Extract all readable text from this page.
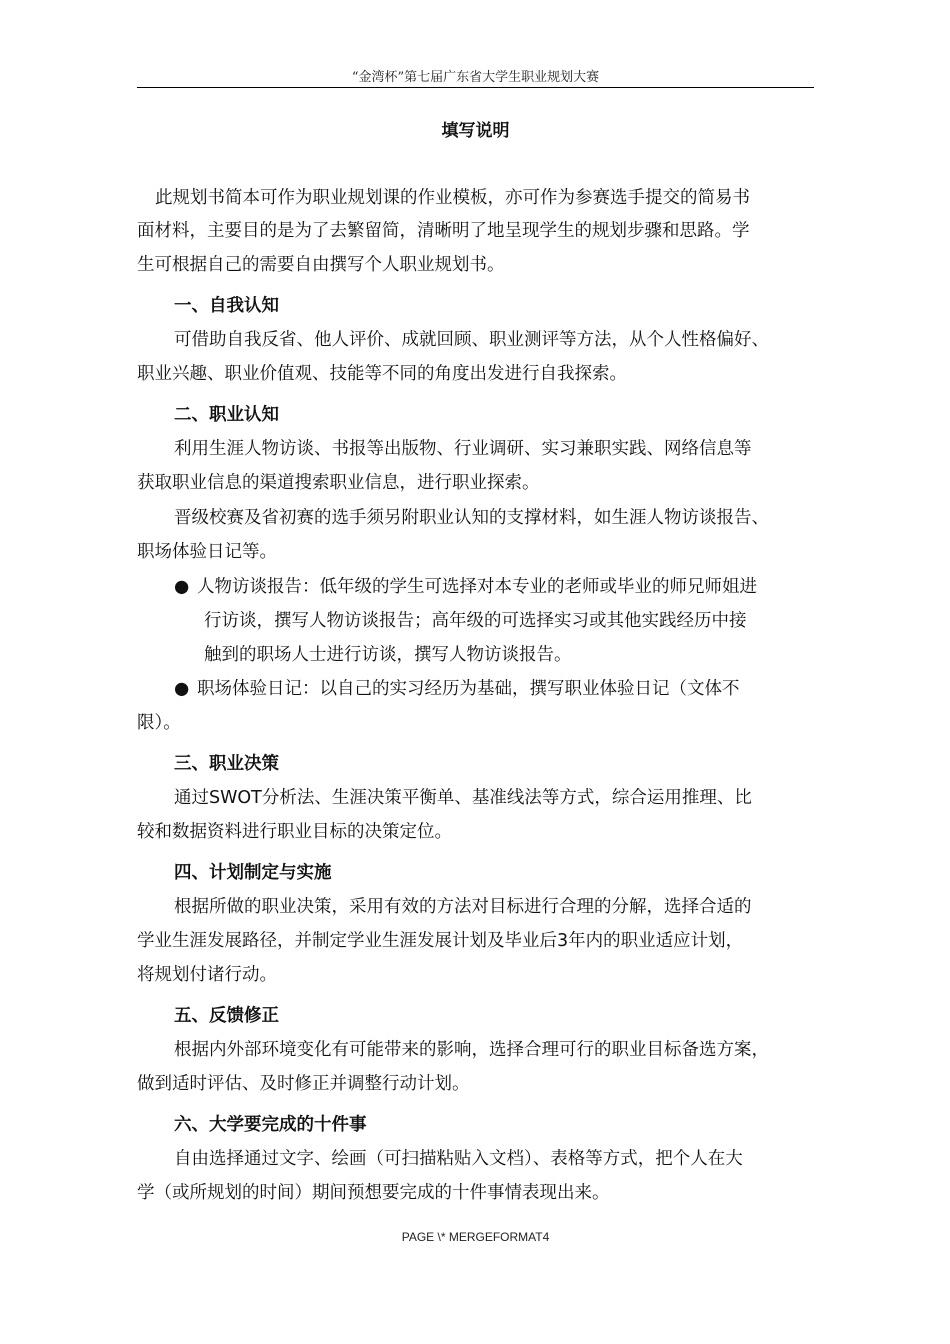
“金湾杯”第七届广东省大学生职业规划大赛
填写说明
此规划书简本可作为职业规划课的作业模板，亦可作为参赛选手提交的简易书
面材料，主要目的是为了去繁留简，清晰明了地呈现学生的规划步骤和思路。学
生可根据自己的需要自由撰写个人职业规划书。
一、自我认知
可借助自我反省、他人评价、成就回顾、职业测评等方法，从个人性格偏好、
职业兴趣、职业价值观、技能等不同的角度出发进行自我探索。
二、职业认知
利用生涯人物访谈、书报等出版物、行业调研、实习兼职实践、网络信息等
获取职业信息的渠道搜索职业信息，进行职业探索。
晋级校赛及省初赛的选手须另附职业认知的支撑材料，如生涯人物访谈报告、
职场体验日记等。
● 人物访谈报告：低年级的学生可选择对本专业的老师或毕业的师兄师姐进
行访谈，撰写人物访谈报告；高年级的可选择实习或其他实践经历中接
触到的职场人士进行访谈，撰写人物访谈报告。
● 职场体验日记：以自己的实习经历为基础，撰写职业体验日记（文体不
限）。
三、职业决策
通过SWOT分析法、生涯决策平衡单、基准线法等方式，综合运用推理、比
较和数据资料进行职业目标的决策定位。
四、计划制定与实施
根据所做的职业决策，采用有效的方法对目标进行合理的分解，选择合适的
学业生涯发展路径，并制定学业生涯发展计划及毕业后3年内的职业适应计划，
将规划付诸行动。
五、反馈修正
根据内外部环境变化有可能带来的影响，选择合理可行的职业目标备选方案，
做到适时评估、及时修正并调整行动计划。
六、大学要完成的十件事
自由选择通过文字、绘画（可扫描粘贴入文档）、表格等方式，把个人在大
学（或所规划的时间）期间预想要完成的十件事情表现出来。
PAGE \* MERGEFORMAT4
